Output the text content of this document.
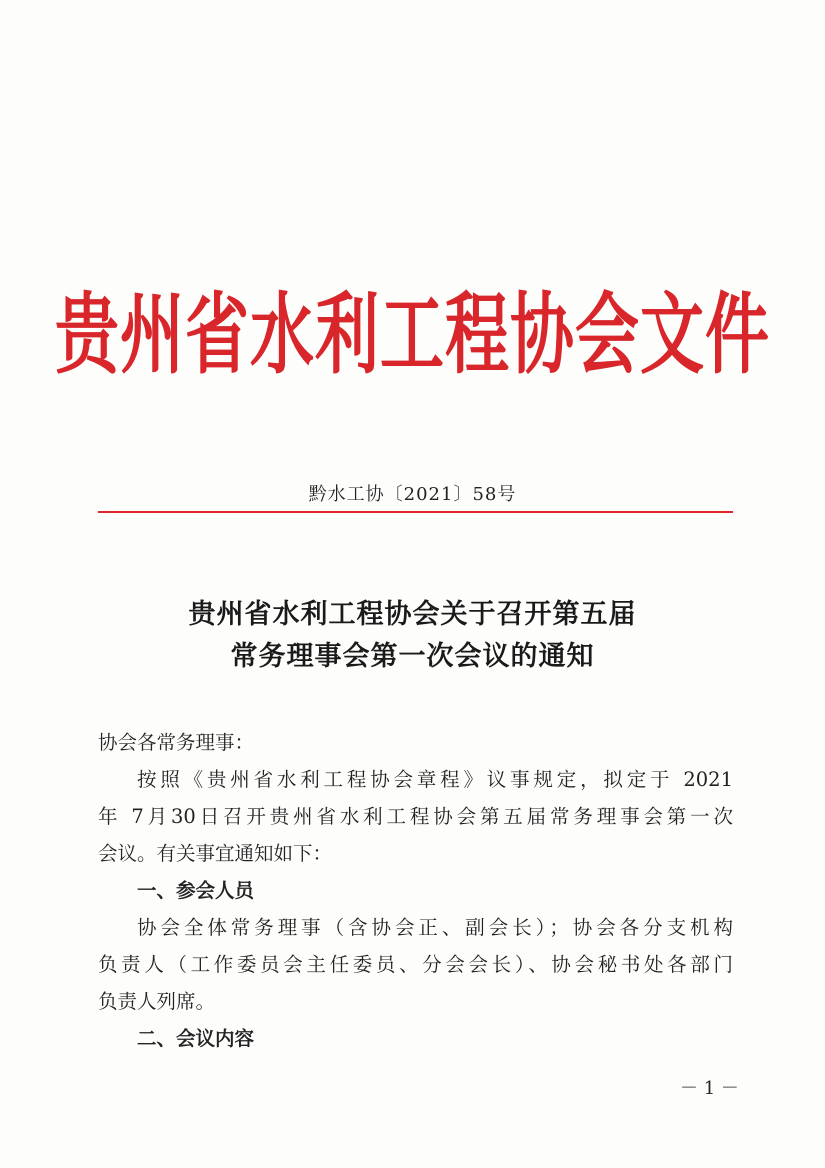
贵州省水利工程协会文件
黔水工协〔2021〕58号
贵州省水利工程协会关于召开第五届
常务理事会第一次会议的通知
协会各常务理事：
按照《贵州省水利工程协会章程》议事规定，拟定于 2021
年 7月30日召开贵州省水利工程协会第五届常务理事会第一次
会议。有关事宜通知如下：
一、参会人员
协会全体常务理事（含协会正、副会长）；协会各分支机构
负责人（工作委员会主任委员、分会会长）、协会秘书处各部门
负责人列席。
二、会议内容
－ 1 －
